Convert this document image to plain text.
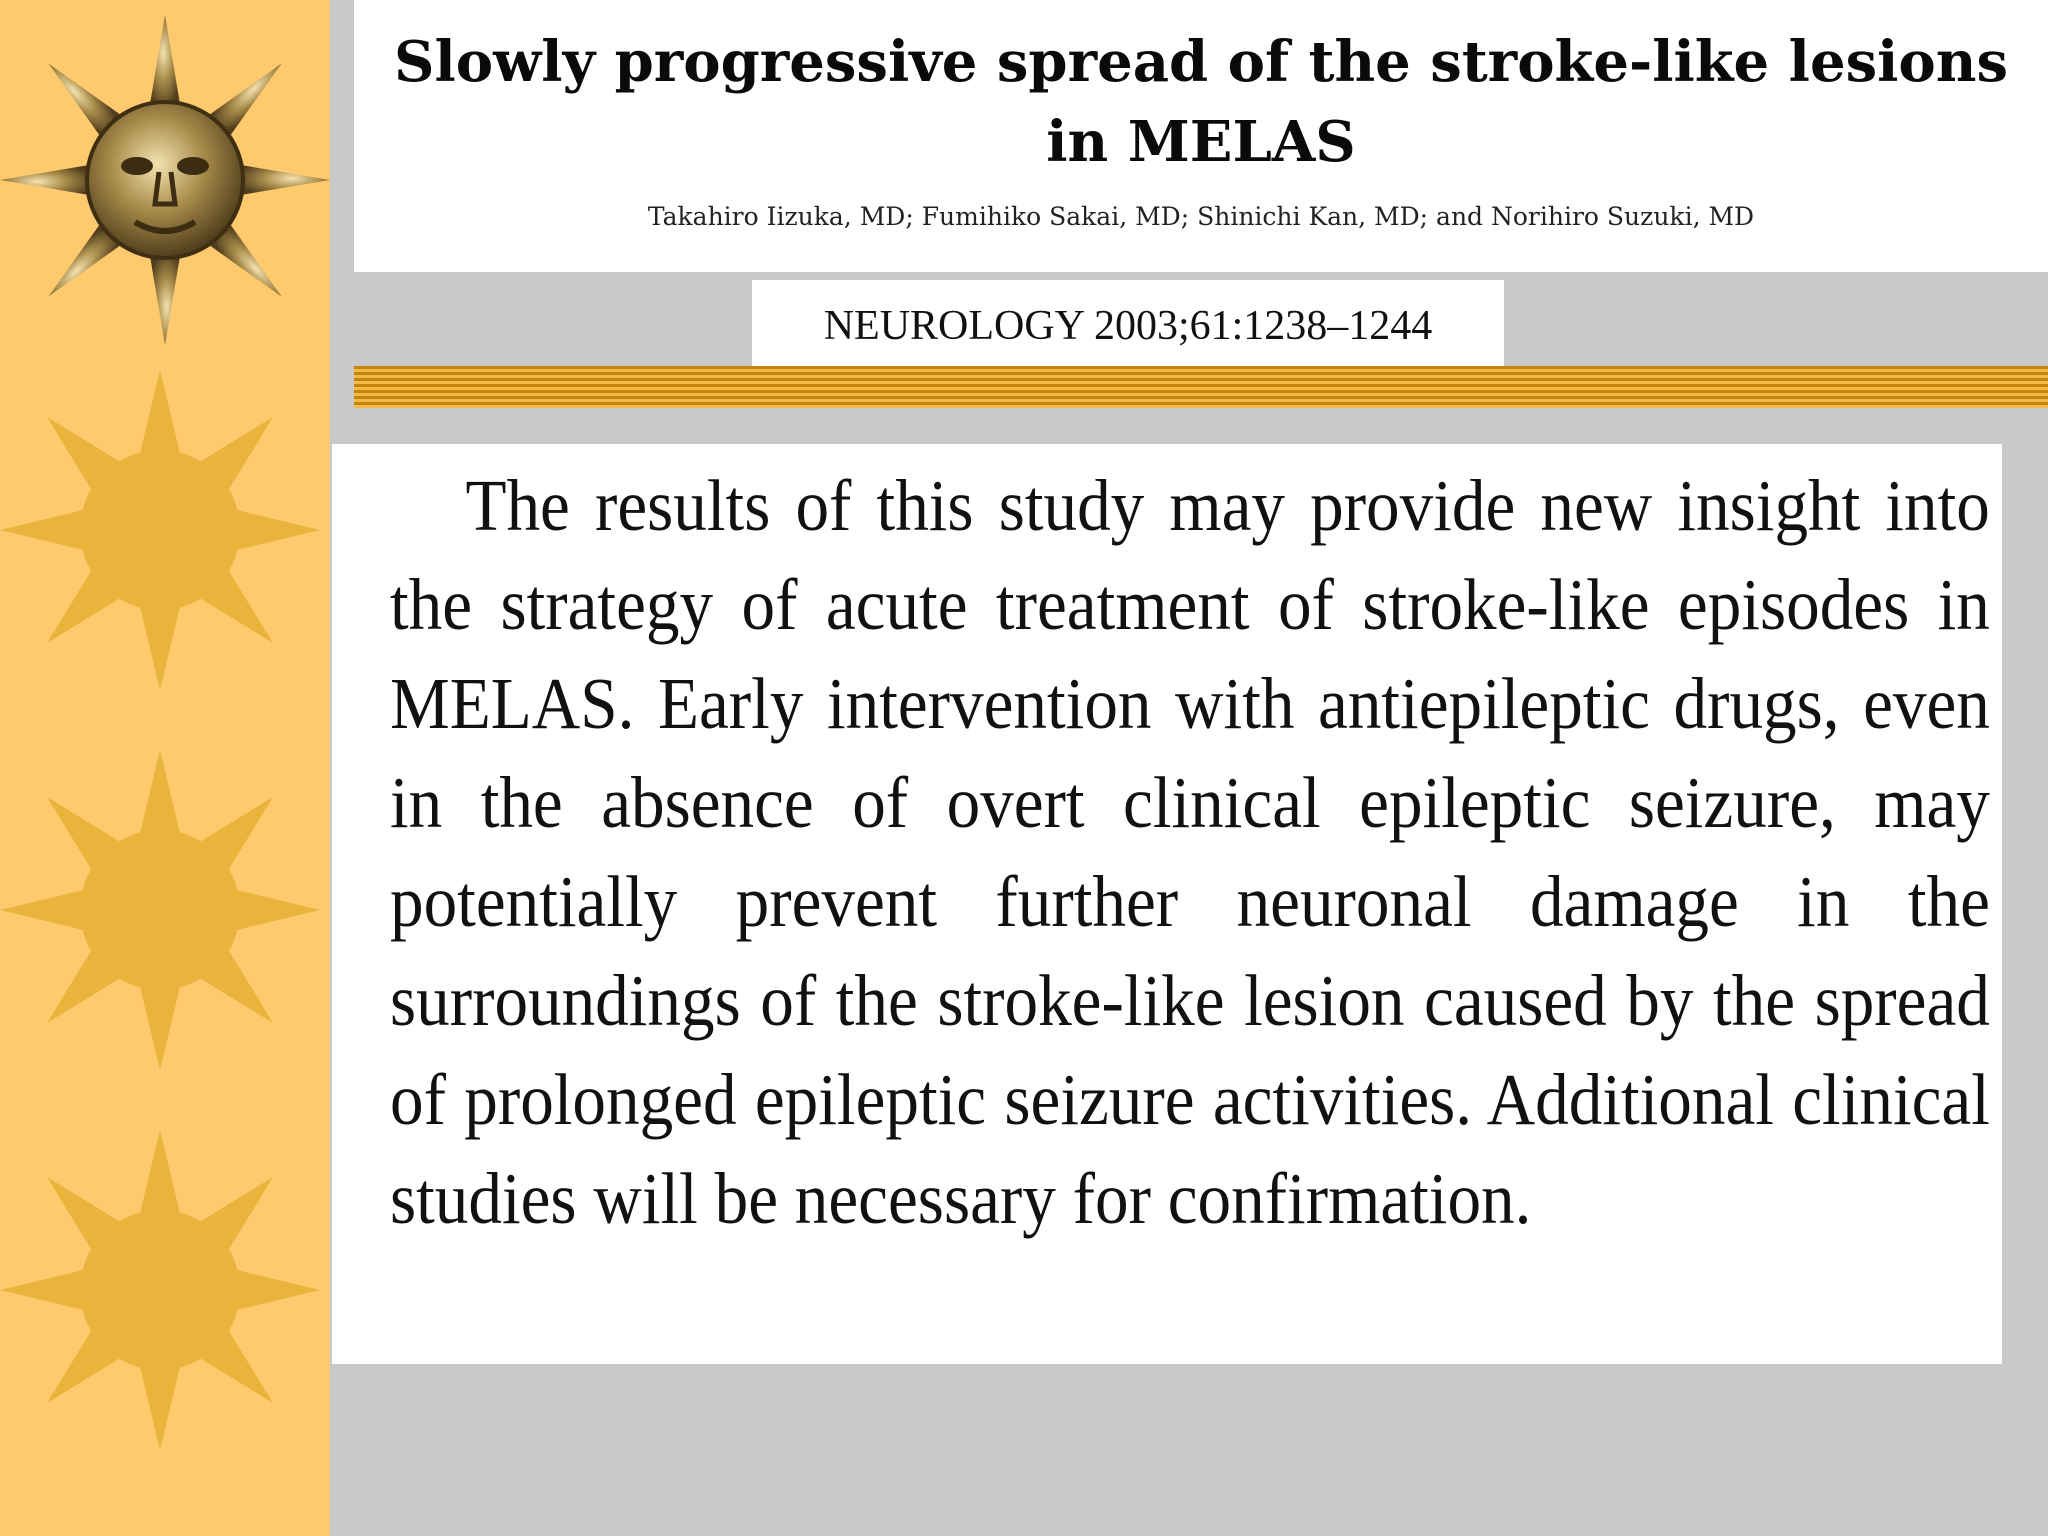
Slowly progressive spread of the stroke-like lesions in MELAS
Takahiro Iizuka, MD; Fumihiko Sakai, MD; Shinichi Kan, MD; and Norihiro Suzuki, MD
NEUROLOGY 2003;61:1238–1244

The results of this study may provide new insight into the strategy of acute treatment of stroke-like episodes in MELAS. Early intervention with antiepileptic drugs, even in the absence of overt clinical epileptic seizure, may potentially prevent further neuronal damage in the surroundings of the stroke-like lesion caused by the spread of prolonged epileptic seizure activities. Additional clinical studies will be necessary for confirmation.
